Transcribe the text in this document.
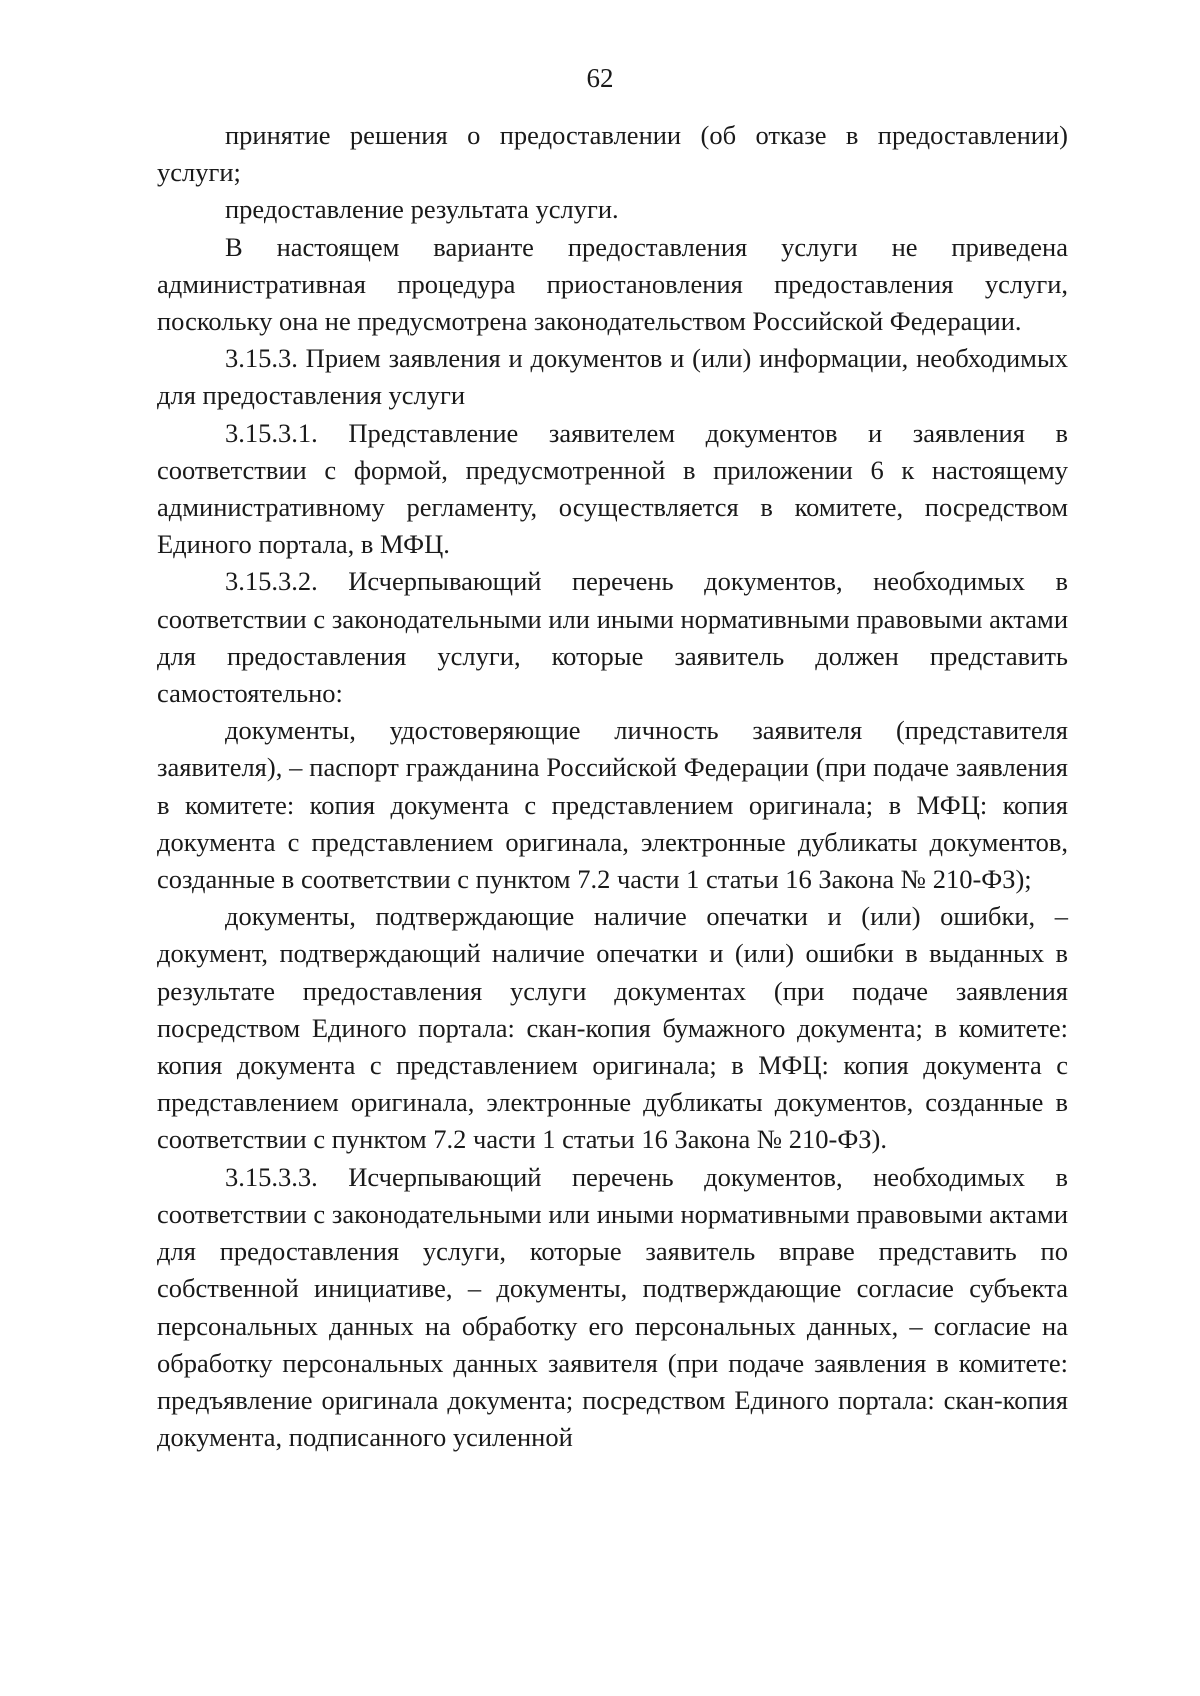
62

принятие решения о предоставлении (об отказе в предоставлении) услуги;

предоставление результата услуги.

В настоящем варианте предоставления услуги не приведена административная процедура приостановления предоставления услуги, поскольку она не предусмотрена законодательством Российской Федерации.

3.15.3. Прием заявления и документов и (или) информации, необходимых для предоставления услуги

3.15.3.1. Представление заявителем документов и заявления в соответствии с формой, предусмотренной в приложении 6 к настоящему административному регламенту, осуществляется в комитете, посредством Единого портала, в МФЦ.

3.15.3.2. Исчерпывающий перечень документов, необходимых в соответствии с законодательными или иными нормативными правовыми актами для предоставления услуги, которые заявитель должен представить самостоятельно:

документы, удостоверяющие личность заявителя (представителя заявителя), – паспорт гражданина Российской Федерации (при подаче заявления в комитете: копия документа с представлением оригинала; в МФЦ: копия документа с представлением оригинала, электронные дубликаты документов, созданные в соответствии с пунктом 7.2 части 1 статьи 16 Закона № 210-ФЗ);

документы, подтверждающие наличие опечатки и (или) ошибки, – документ, подтверждающий наличие опечатки и (или) ошибки в выданных в результате предоставления услуги документах (при подаче заявления посредством Единого портала: скан-копия бумажного документа; в комитете: копия документа с представлением оригинала; в МФЦ: копия документа с представлением оригинала, электронные дубликаты документов, созданные в соответствии с пунктом 7.2 части 1 статьи 16 Закона № 210-ФЗ).

3.15.3.3. Исчерпывающий перечень документов, необходимых в соответствии с законодательными или иными нормативными правовыми актами для предоставления услуги, которые заявитель вправе представить по собственной инициативе, – документы, подтверждающие согласие субъекта персональных данных на обработку его персональных данных, – согласие на обработку персональных данных заявителя (при подаче заявления в комитете: предъявление оригинала документа; посредством Единого портала: скан-копия документа, подписанного усиленной
